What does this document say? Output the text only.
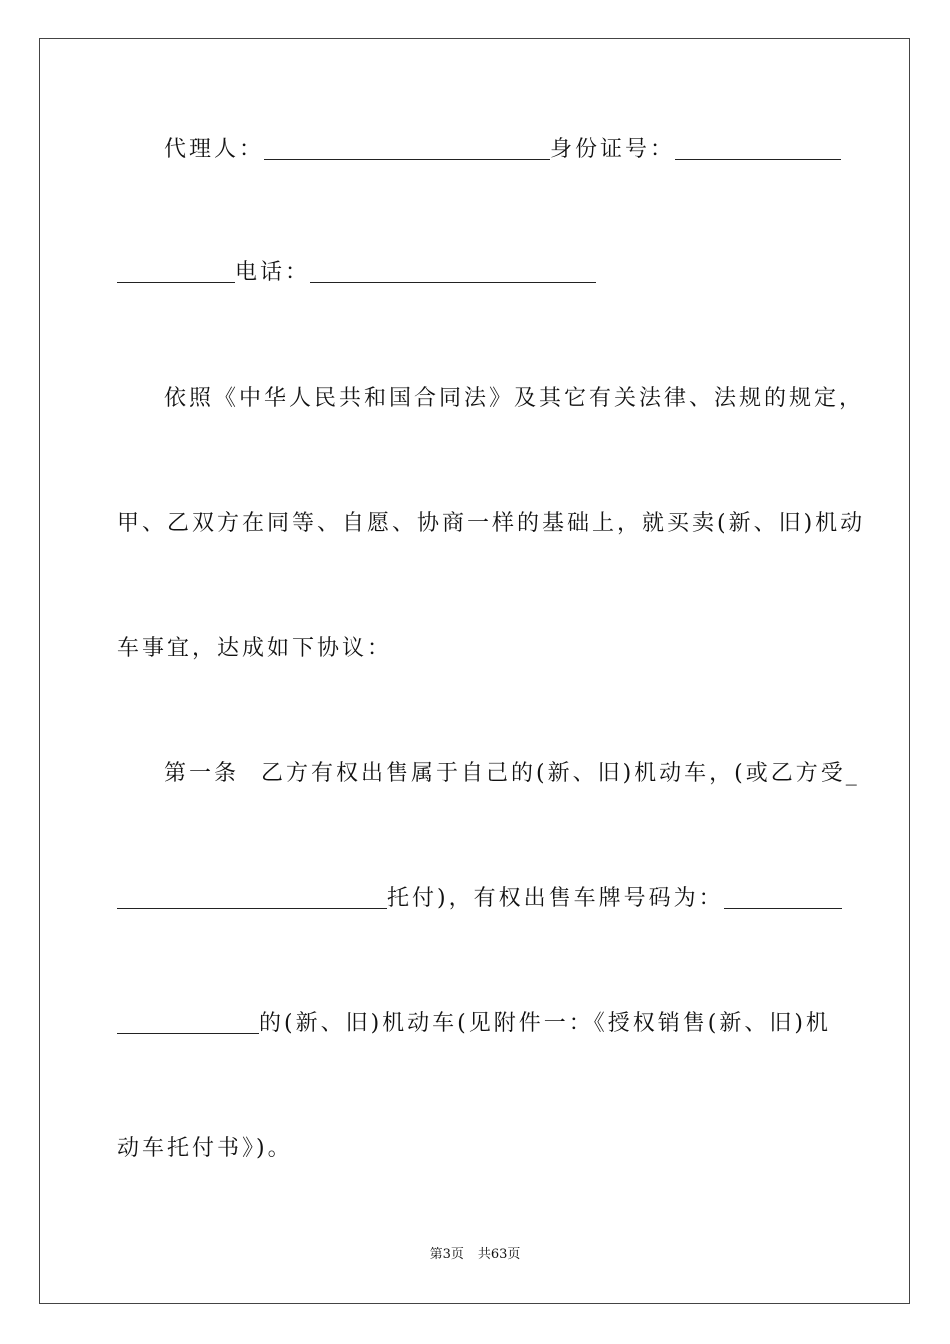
代理人：	身份证号：
电话：
依照《中华人民共和国合同法》及其它有关法律、法规的规定，
甲、乙双方在同等、自愿、协商一样的基础上，就买卖(新、旧)机动
车事宜，达成如下协议：
第一条 乙方有权出售属于自己的(新、旧)机动车，(或乙方受_
托付)，有权出售车牌号码为：
的(新、旧)机动车(见附件一：《授权销售(新、旧)机
动车托付书》)。
第3页 共63页
